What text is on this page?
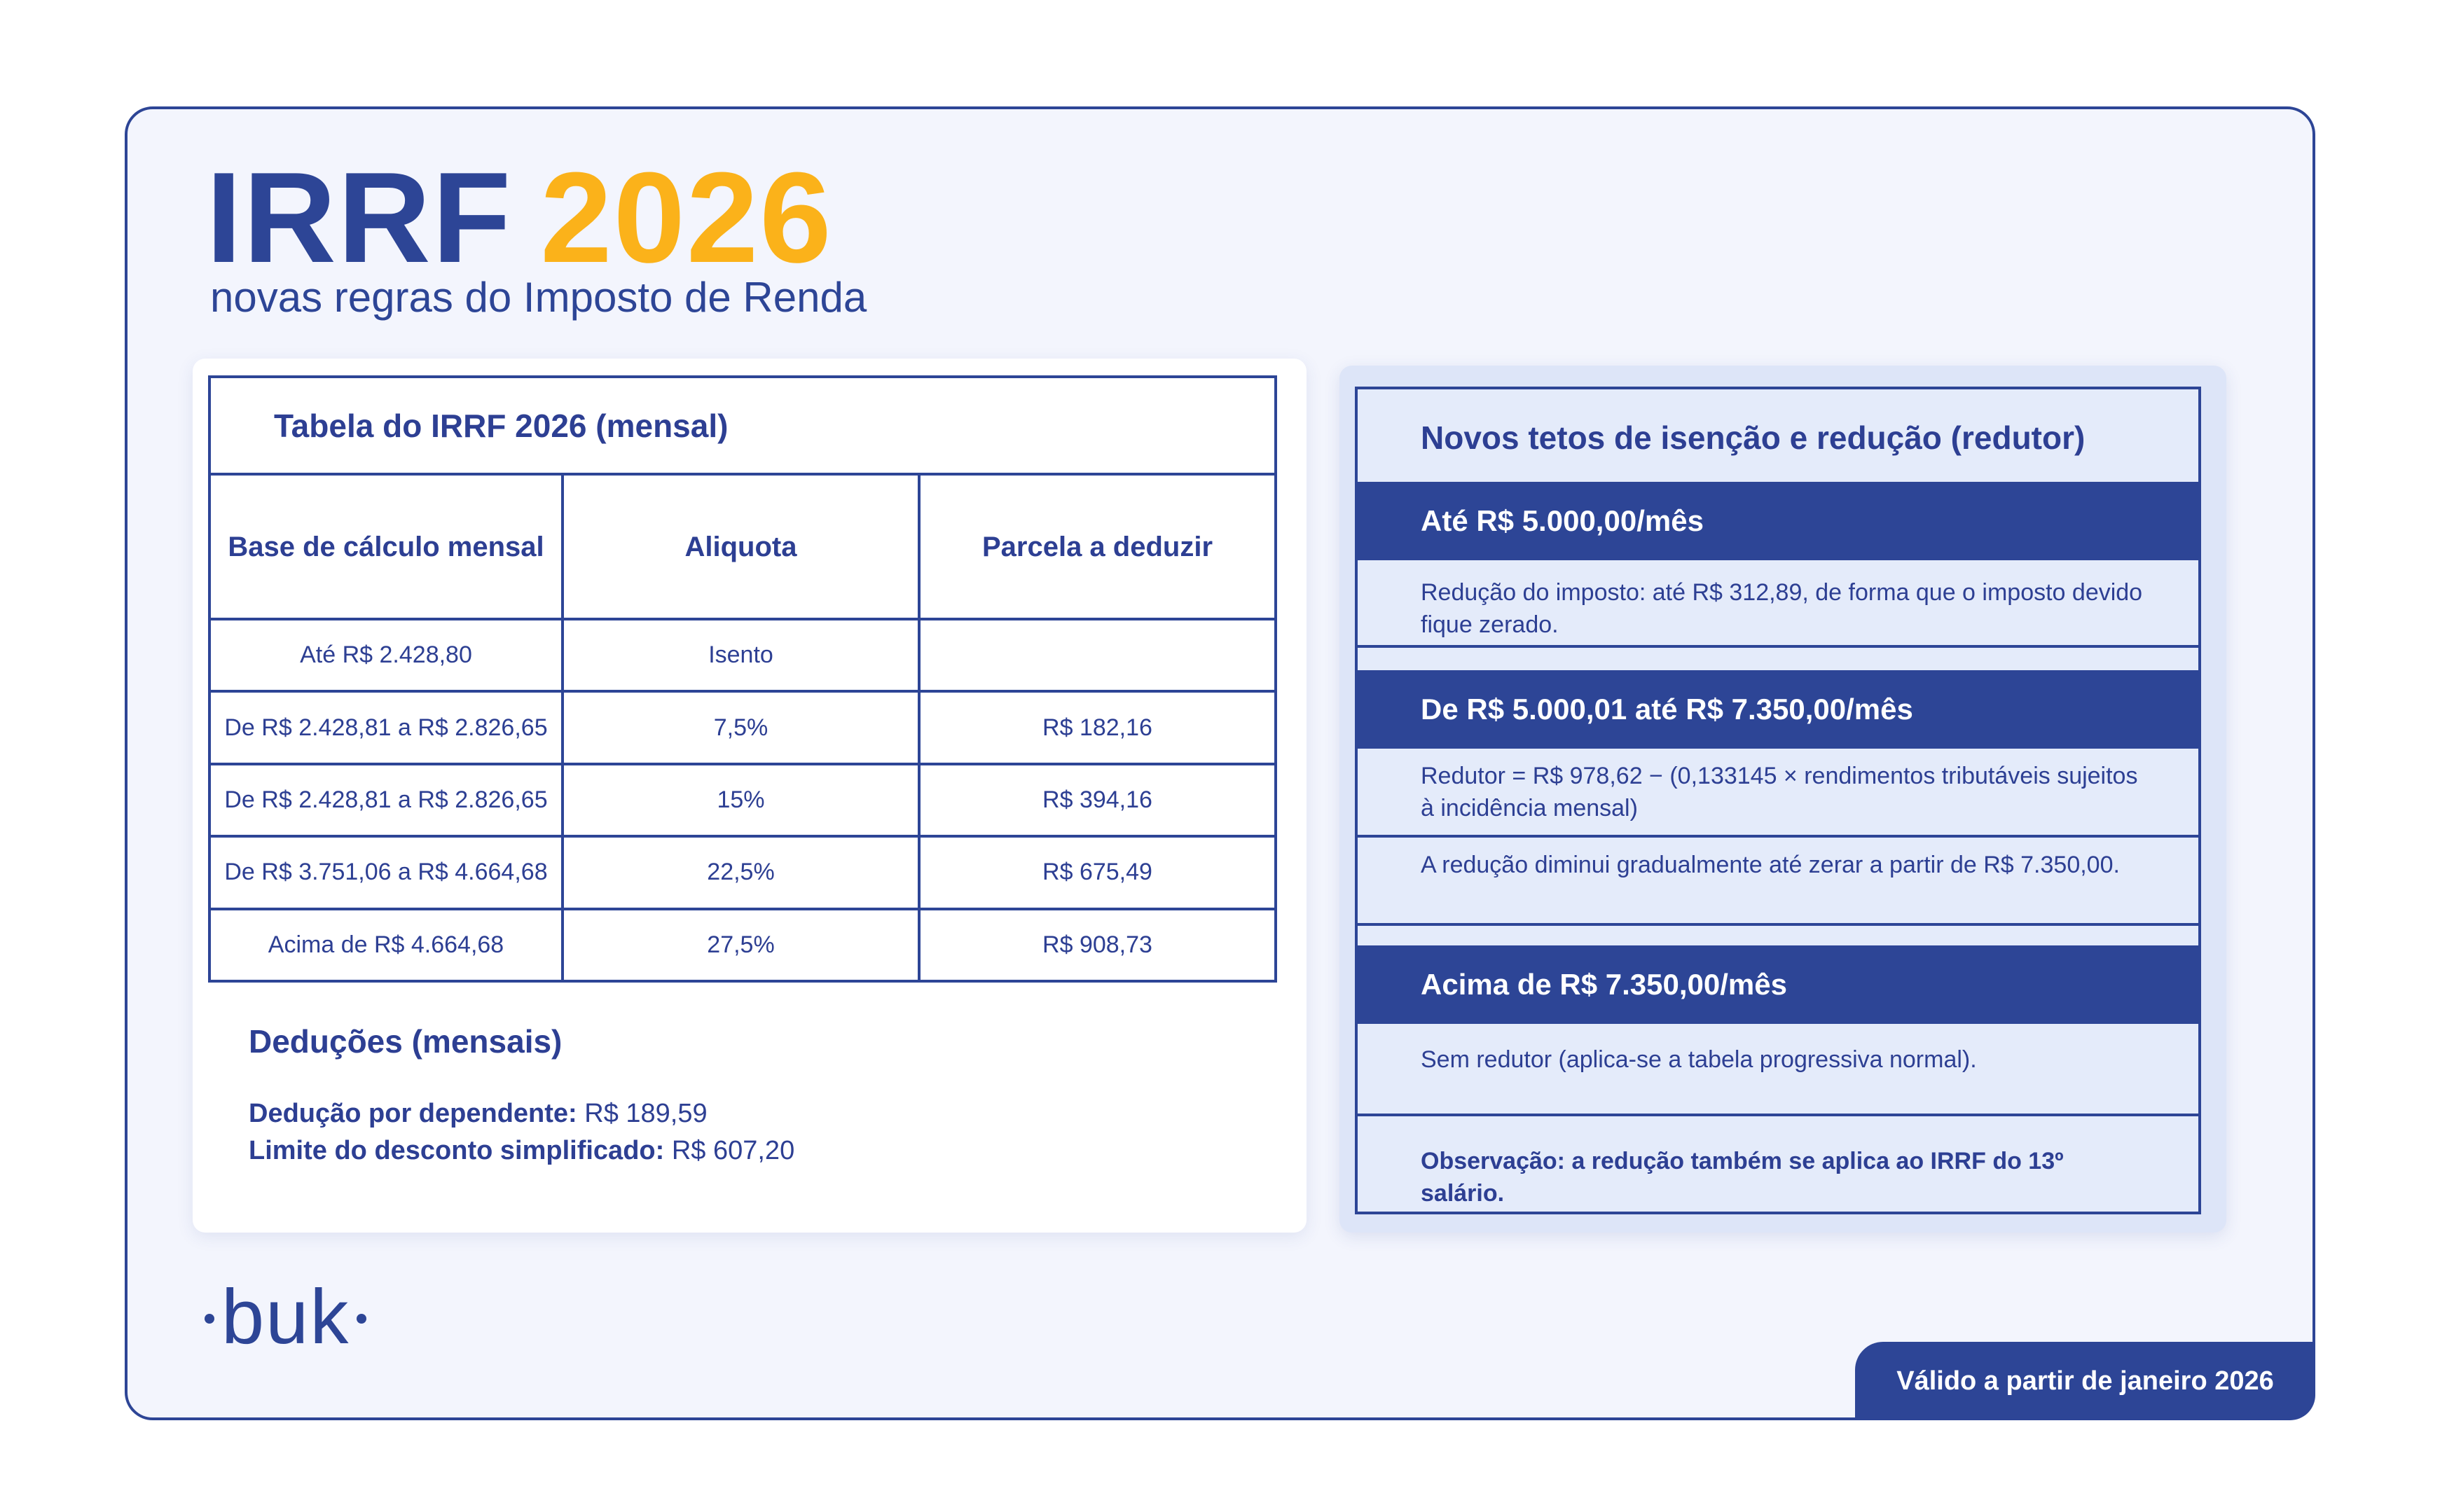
IRRF 2026
novas regras do Imposto de Renda
Tabela do IRRF 2026 (mensal)		
Base de cálculo mensal	Aliquota	Parcela a deduzir
Até R$ 2.428,80	Isento	
De R$ 2.428,81 a R$ 2.826,65	7,5%	R$ 182,16
De R$ 2.428,81 a R$ 2.826,65	15%	R$ 394,16
De R$ 3.751,06 a R$ 4.664,68	22,5%	R$ 675,49
Acima de R$ 4.664,68	27,5%	R$ 908,73
Deduções (mensais)
Dedução por dependente: R$ 189,59
Limite do desconto simplificado: R$ 607,20
Novos tetos de isenção e redução (redutor)
Até R$ 5.000,00/mês
Redução do imposto: até R$ 312,89, de forma que o imposto devido fique zerado.
De R$ 5.000,01 até R$ 7.350,00/mês
Redutor = R$ 978,62 − (0,133145 × rendimentos tributáveis sujeitos à incidência mensal)
A redução diminui gradualmente até zerar a partir de R$ 7.350,00.
Acima de R$ 7.350,00/mês
Sem redutor (aplica-se a tabela progressiva normal).
Observação: a redução também se aplica ao IRRF do 13º salário.
buk
Válido a partir de janeiro 2026
